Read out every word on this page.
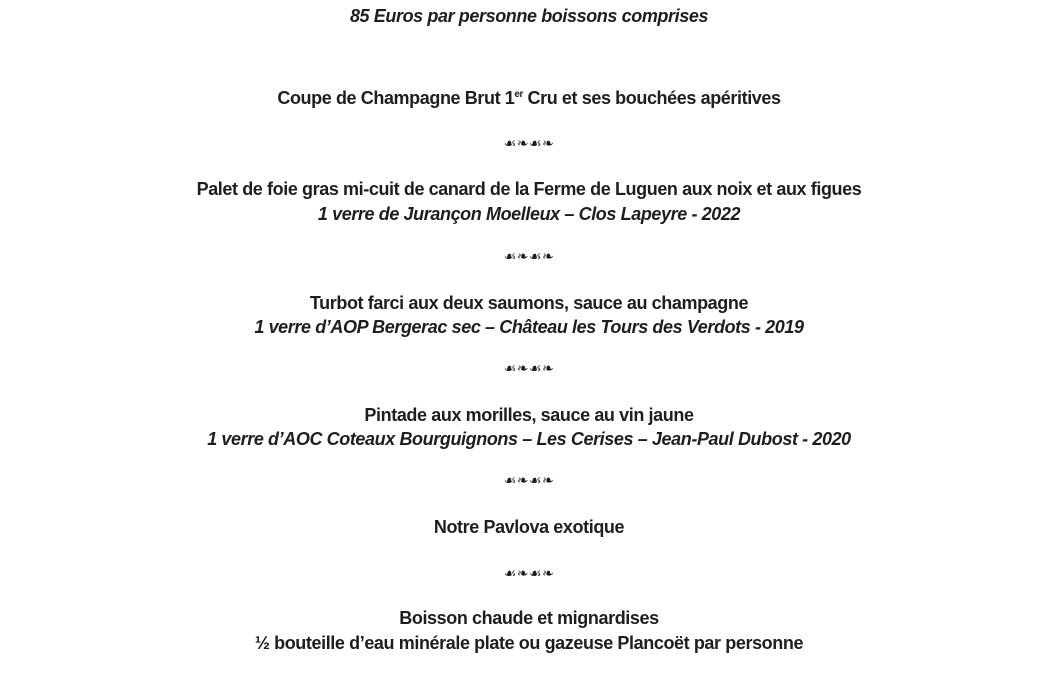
85 Euros par personne boissons comprises
Coupe de Champagne Brut 1er Cru et ses bouchées apéritives
☙❧☙❧
Palet de foie gras mi-cuit de canard de la Ferme de Luguen aux noix et aux figues
1 verre de Jurançon Moelleux – Clos Lapeyre - 2022
☙❧☙❧
Turbot farci aux deux saumons, sauce au champagne
1 verre d’AOP Bergerac sec – Château les Tours des Verdots - 2019
☙❧☙❧
Pintade aux morilles, sauce au vin jaune
1 verre d’AOC Coteaux Bourguignons – Les Cerises – Jean-Paul Dubost - 2020
☙❧☙❧
Notre Pavlova exotique
☙❧☙❧
Boisson chaude et mignardises
½ bouteille d’eau minérale plate ou gazeuse Plancoët par personne
